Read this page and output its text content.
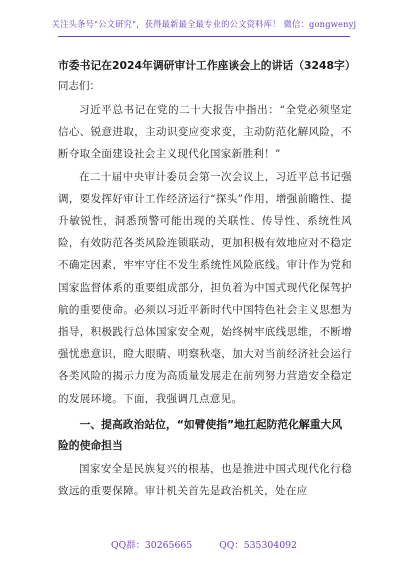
关注头条号"公文研究"，获得最新最全最专业的公文资料库！ 微信：gongwenyj
市委书记在2024年调研审计工作座谈会上的讲话（3248字）
同志们：

习近平总书记在党的二十大报告中指出：“全党必须坚定信心、锐意进取，主动识变应变求变，主动防范化解风险，不断夺取全面建设社会主义现代化国家新胜利！”

在二十届中央审计委员会第一次会议上，习近平总书记强调，要发挥好审计工作经济运行“探头”作用，增强前瞻性、提升敏锐性，洞悉预警可能出现的关联性、传导性、系统性风险，有效防范各类风险连锁联动，更加积极有效地应对不稳定不确定因素，牢牢守住不发生系统性风险底线。审计作为党和国家监督体系的重要组成部分，担负着为中国式现代化保驾护航的重要使命。必须以习近平新时代中国特色社会主义思想为指导，积极践行总体国家安全观，始终树牢底线思维，不断增强忧患意识，瞪大眼睛、明察秋毫，加大对当前经济社会运行各类风险的揭示力度为高质量发展走在前列努力营造安全稳定的发展环境。下面，我强调几点意见。

一、提高政治站位，“如臂使指”地扛起防范化解重大风险的使命担当

国家安全是民族复兴的根基，也是推进中国式现代化行稳致远的重要保障。审计机关首先是政治机关，处在应

QQ群：30265665	QQ：535304092
